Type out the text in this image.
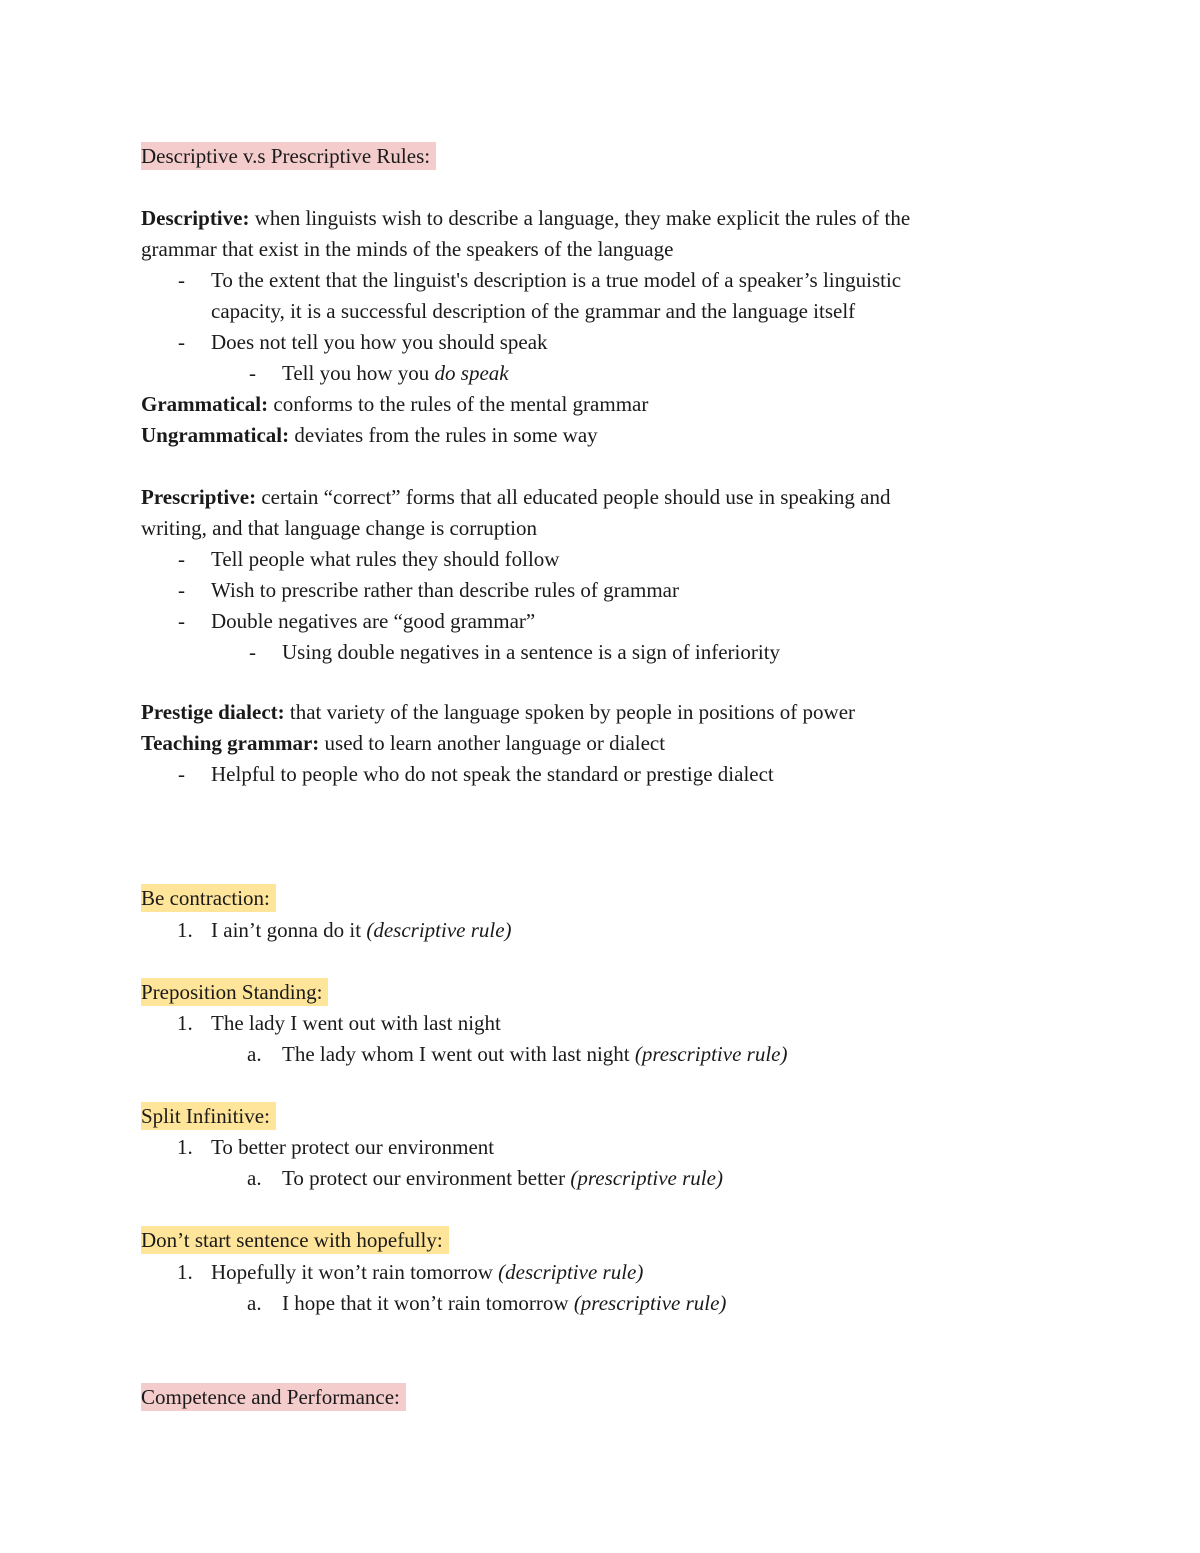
Descriptive v.s Prescriptive Rules:
Descriptive: when linguists wish to describe a language, they make explicit the rules of the
grammar that exist in the minds of the speakers of the language
- To the extent that the linguist's description is a true model of a speaker’s linguistic
capacity, it is a successful description of the grammar and the language itself
- Does not tell you how you should speak
- Tell you how you do speak
Grammatical: conforms to the rules of the mental grammar
Ungrammatical: deviates from the rules in some way
Prescriptive: certain “correct” forms that all educated people should use in speaking and
writing, and that language change is corruption
- Tell people what rules they should follow
- Wish to prescribe rather than describe rules of grammar
- Double negatives are “good grammar”
- Using double negatives in a sentence is a sign of inferiority
Prestige dialect: that variety of the language spoken by people in positions of power
Teaching grammar: used to learn another language or dialect
- Helpful to people who do not speak the standard or prestige dialect
Be contraction:
1. I ain’t gonna do it (descriptive rule)
Preposition Standing:
1. The lady I went out with last night
a. The lady whom I went out with last night (prescriptive rule)
Split Infinitive:
1. To better protect our environment
a. To protect our environment better (prescriptive rule)
Don’t start sentence with hopefully:
1. Hopefully it won’t rain tomorrow (descriptive rule)
a. I hope that it won’t rain tomorrow (prescriptive rule)
Competence and Performance:
